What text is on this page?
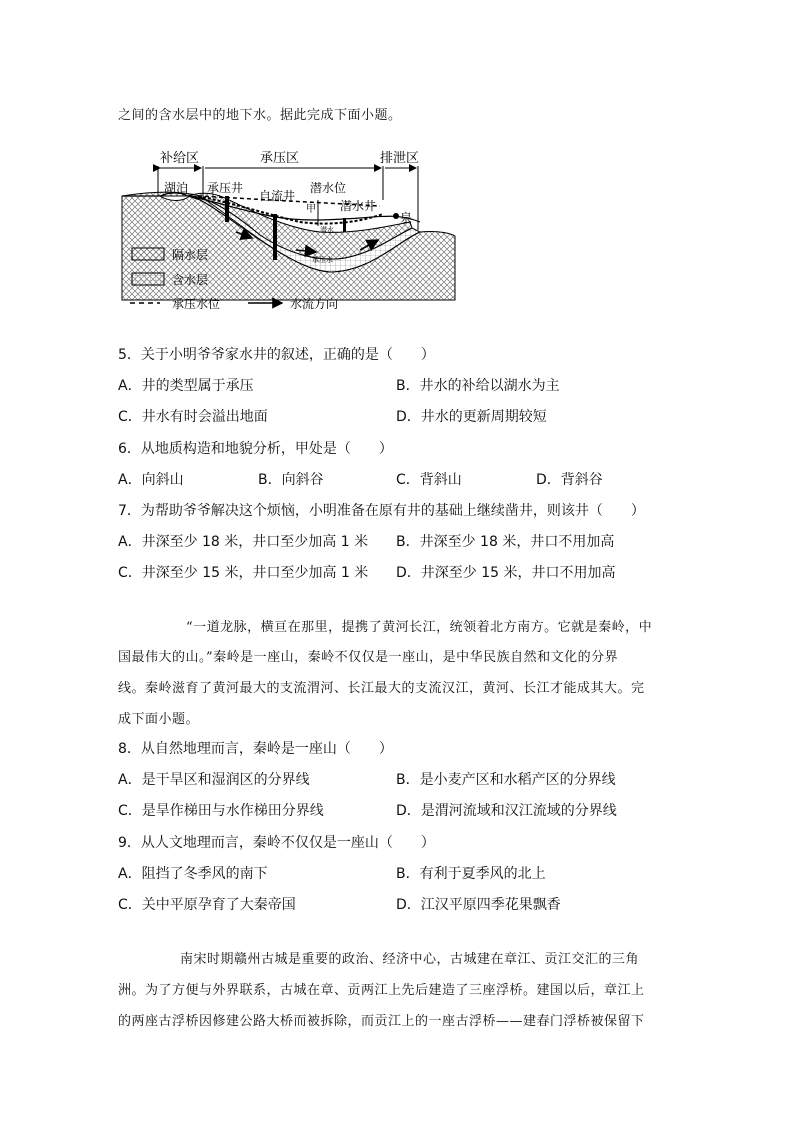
之间的含水层中的地下水。据此完成下面小题。
补给区	承压区	排泄区
湖泊 承压井
自流井
潜水位
甲 潜水井
泉
潜水
承压水
隔水层
含水层
承压水位	水流方向
5．关于小明爷爷家水井的叙述，正确的是（　　）
A．井的类型属于承压	B．井水的补给以湖水为主
C．井水有时会溢出地面	D．井水的更新周期较短
6．从地质构造和地貌分析，甲处是（　　）
A．向斜山	B．向斜谷	C．背斜山	D．背斜谷
7．为帮助爷爷解决这个烦恼，小明准备在原有井的基础上继续凿井，则该井（　　）
A．井深至少 18 米，井口至少加高 1 米 B．井深至少 18 米，井口不用加高
C．井深至少 15 米，井口至少加高 1 米 D．井深至少 15 米，井口不用加高
“一道龙脉，横亘在那里，提携了黄河长江，统领着北方南方。它就是秦岭，中
国最伟大的山。”秦岭是一座山，秦岭不仅仅是一座山，是中华民族自然和文化的分界
线。秦岭滋育了黄河最大的支流渭河、长江最大的支流汉江，黄河、长江才能成其大。完
成下面小题。
8．从自然地理而言，秦岭是一座山（　　）
A．是干旱区和湿润区的分界线	B．是小麦产区和水稻产区的分界线
C．是旱作梯田与水作梯田分界线	D．是渭河流域和汉江流域的分界线
9．从人文地理而言，秦岭不仅仅是一座山（　　）
A．阻挡了冬季风的南下	B．有利于夏季风的北上
C．关中平原孕育了大秦帝国	D．江汉平原四季花果飘香
南宋时期赣州古城是重要的政治、经济中心，古城建在章江、贡江交汇的三角
洲。为了方便与外界联系，古城在章、贡两江上先后建造了三座浮桥。建国以后，章江上
的两座古浮桥因修建公路大桥而被拆除，而贡江上的一座古浮桥——建春门浮桥被保留下
